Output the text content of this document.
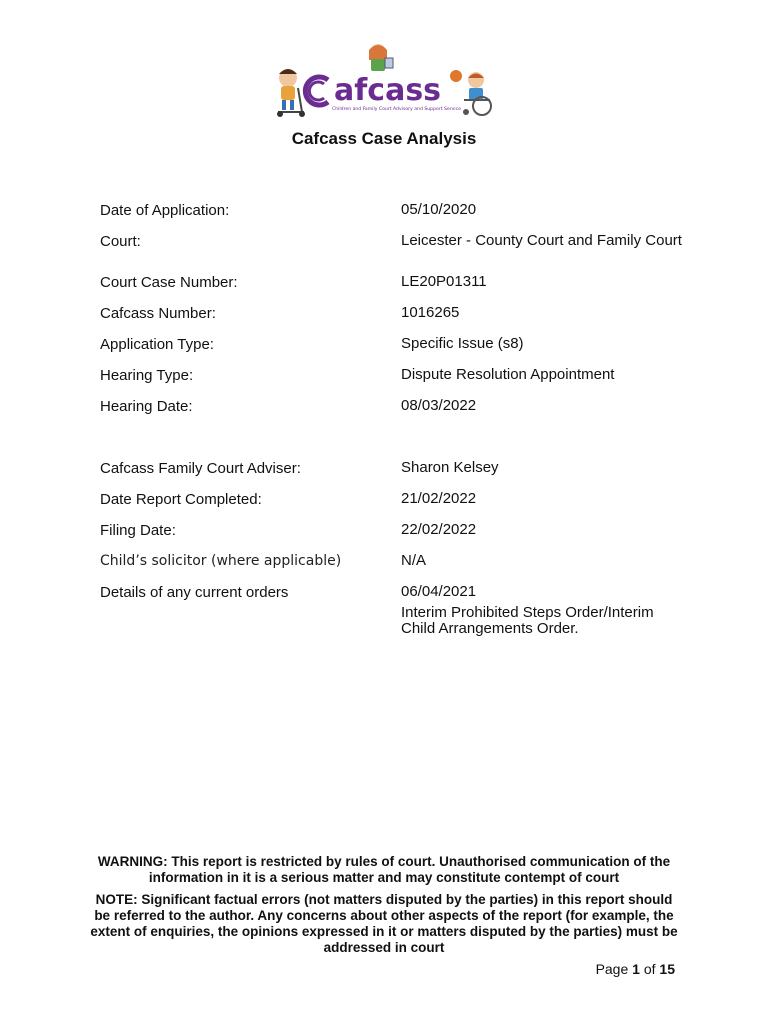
afcass
Children and Family Court Advisory and Support Service
Cafcass Case Analysis
Date of Application:	05/10/2020
Court:	Leicester - County Court and Family Court
Court Case Number:	LE20P01311
Cafcass Number:	1016265
Application Type:	Specific Issue (s8)
Hearing Type:	Dispute Resolution Appointment
Hearing Date:	08/03/2022
Cafcass Family Court Adviser:	Sharon Kelsey
Date Report Completed:	21/02/2022
Filing Date:	22/02/2022
Child’s solicitor (where applicable)	N/A
Details of any current orders	06/04/2021
Interim Prohibited Steps Order/Interim Child Arrangements Order.
WARNING: This report is restricted by rules of court. Unauthorised communication of the information in it is a serious matter and may constitute contempt of court
NOTE: Significant factual errors (not matters disputed by the parties) in this report should be referred to the author. Any concerns about other aspects of the report (for example, the extent of enquiries, the opinions expressed in it or matters disputed by the parties) must be addressed in court
Page 1 of 15
